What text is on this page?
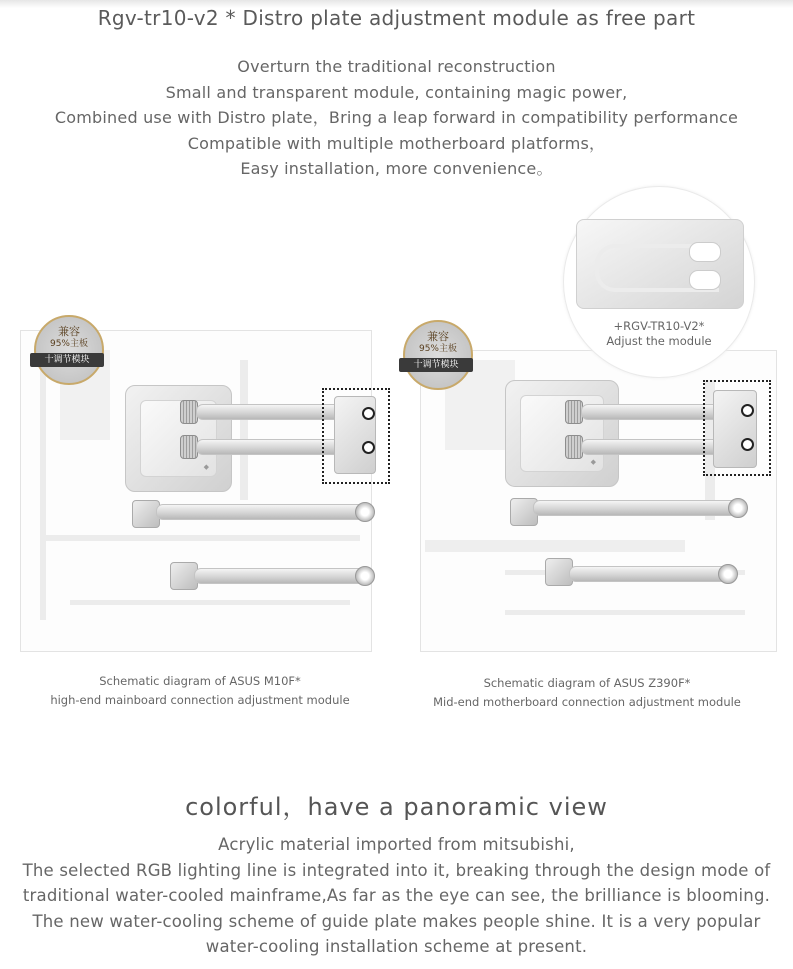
Rgv-tr10-v2 * Distro plate adjustment module as free part
Overturn the traditional reconstruction
Small and transparent module, containing magic power,
Combined use with Distro plate，Bring a leap forward in compatibility performance
Compatible with multiple motherboard platforms，
Easy installation, more convenience。
◆
兼容
95%主板
十调节模块
◆
兼容
95%主板
十调节模块
+RGV-TR10-V2*
Adjust the module
Schematic diagram of ASUS M10F*
high-end mainboard connection adjustment module
Schematic diagram of ASUS Z390F*
Mid-end motherboard connection adjustment module
colorful，have a panoramic view
Acrylic material imported from mitsubishi,
The selected RGB lighting line is integrated into it, breaking through the design mode of
traditional water-cooled mainframe,As far as the eye can see, the brilliance is blooming.
The new water-cooling scheme of guide plate makes people shine. It is a very popular
water-cooling installation scheme at present.
